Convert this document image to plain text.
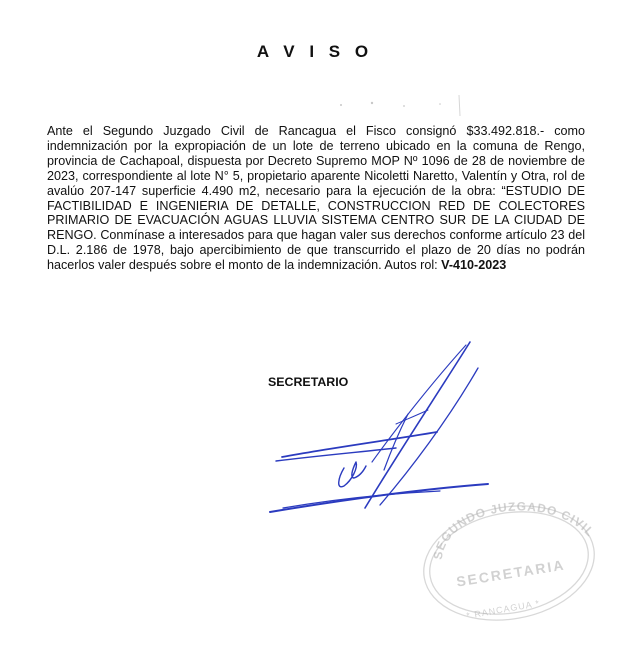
A V I S O
Ante el Segundo Juzgado Civil de Rancagua el Fisco consignó $33.492.818.- como indemnización por la expropiación de un lote de terreno ubicado en la comuna de Rengo, provincia de Cachapoal, dispuesta por Decreto Supremo MOP Nº 1096 de 28 de noviembre de 2023, correspondiente al lote N° 5, propietario aparente Nicoletti Naretto, Valentín y Otra, rol de avalúo 207-147 superficie 4.490 m2, necesario para la ejecución de la obra: “ESTUDIO DE FACTIBILIDAD E INGENIERIA DE DETALLE, CONSTRUCCION RED DE COLECTORES PRIMARIO DE EVACUACIÓN AGUAS LLUVIA SISTEMA CENTRO SUR DE LA CIUDAD DE RENGO. Conmínase a interesados para que hagan valer sus derechos conforme artículo 23 del D.L. 2.186 de 1978, bajo apercibimiento de que transcurrido el plazo de 20 días no podrán hacerlos valer después sobre el monto de la indemnización. Autos rol: V-410-2023
SECRETARIO
SEGUNDO JUZGADO CIVIL
SECRETARIA
* RANCAGUA *
